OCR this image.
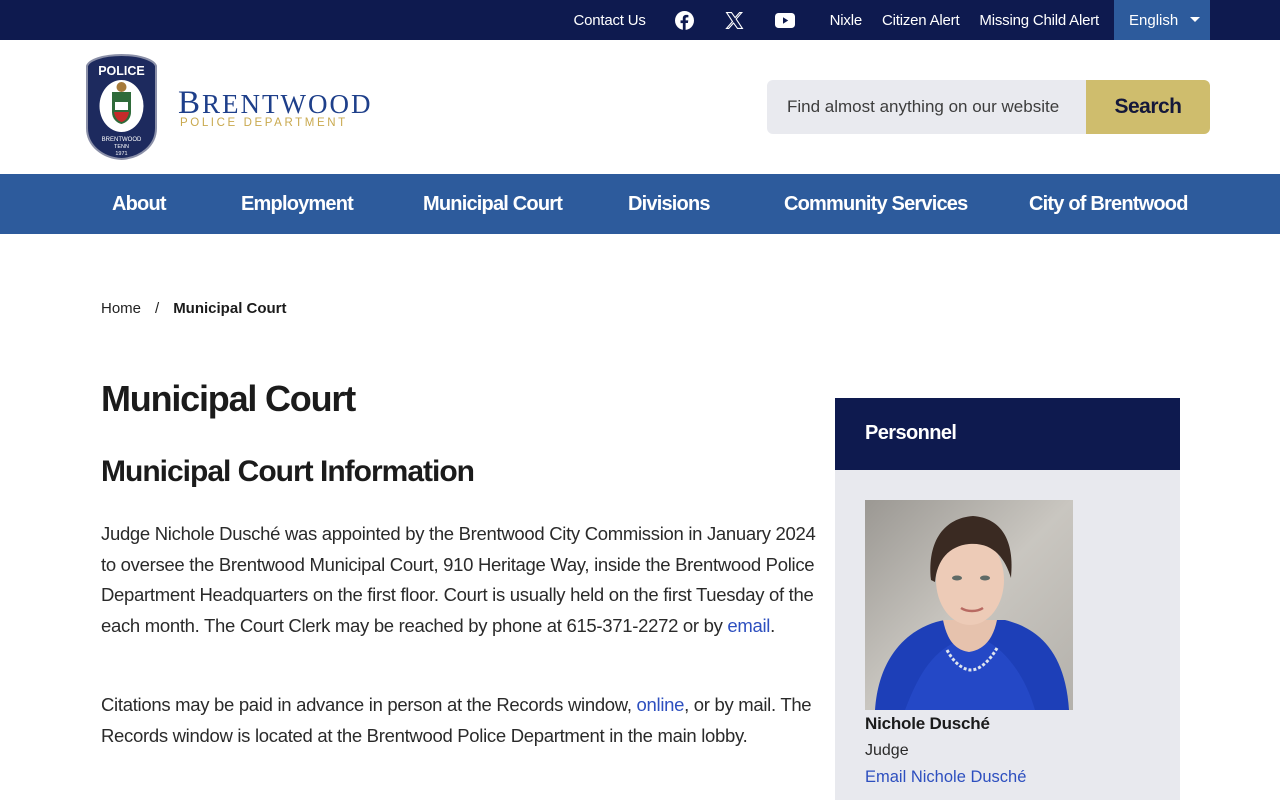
Contact Us	Nixle Citizen Alert Missing Child Alert English
POLICE
BRENTWOOD
TENN
1971
BRENTWOOD
POLICE DEPARTMENT
Find almost anything on our website
Search
About	Employment	Municipal Court	Divisions	Community Services	City of Brentwood
Home / Municipal Court
Municipal Court
Municipal Court Information

Judge Nichole Dusché was appointed by the Brentwood City Commission in January 2024 to oversee the Brentwood Municipal Court, 910 Heritage Way, inside the Brentwood Police Department Headquarters on the first floor. Court is usually held on the first Tuesday of the each month. The Court Clerk may be reached by phone at 615-371-2272 or by email.

Citations may be paid in advance in person at the Records window, online, or by mail. The Records window is located at the Brentwood Police Department in the main lobby.

Personnel
Nichole Dusché
Judge
Email Nichole Dusché
